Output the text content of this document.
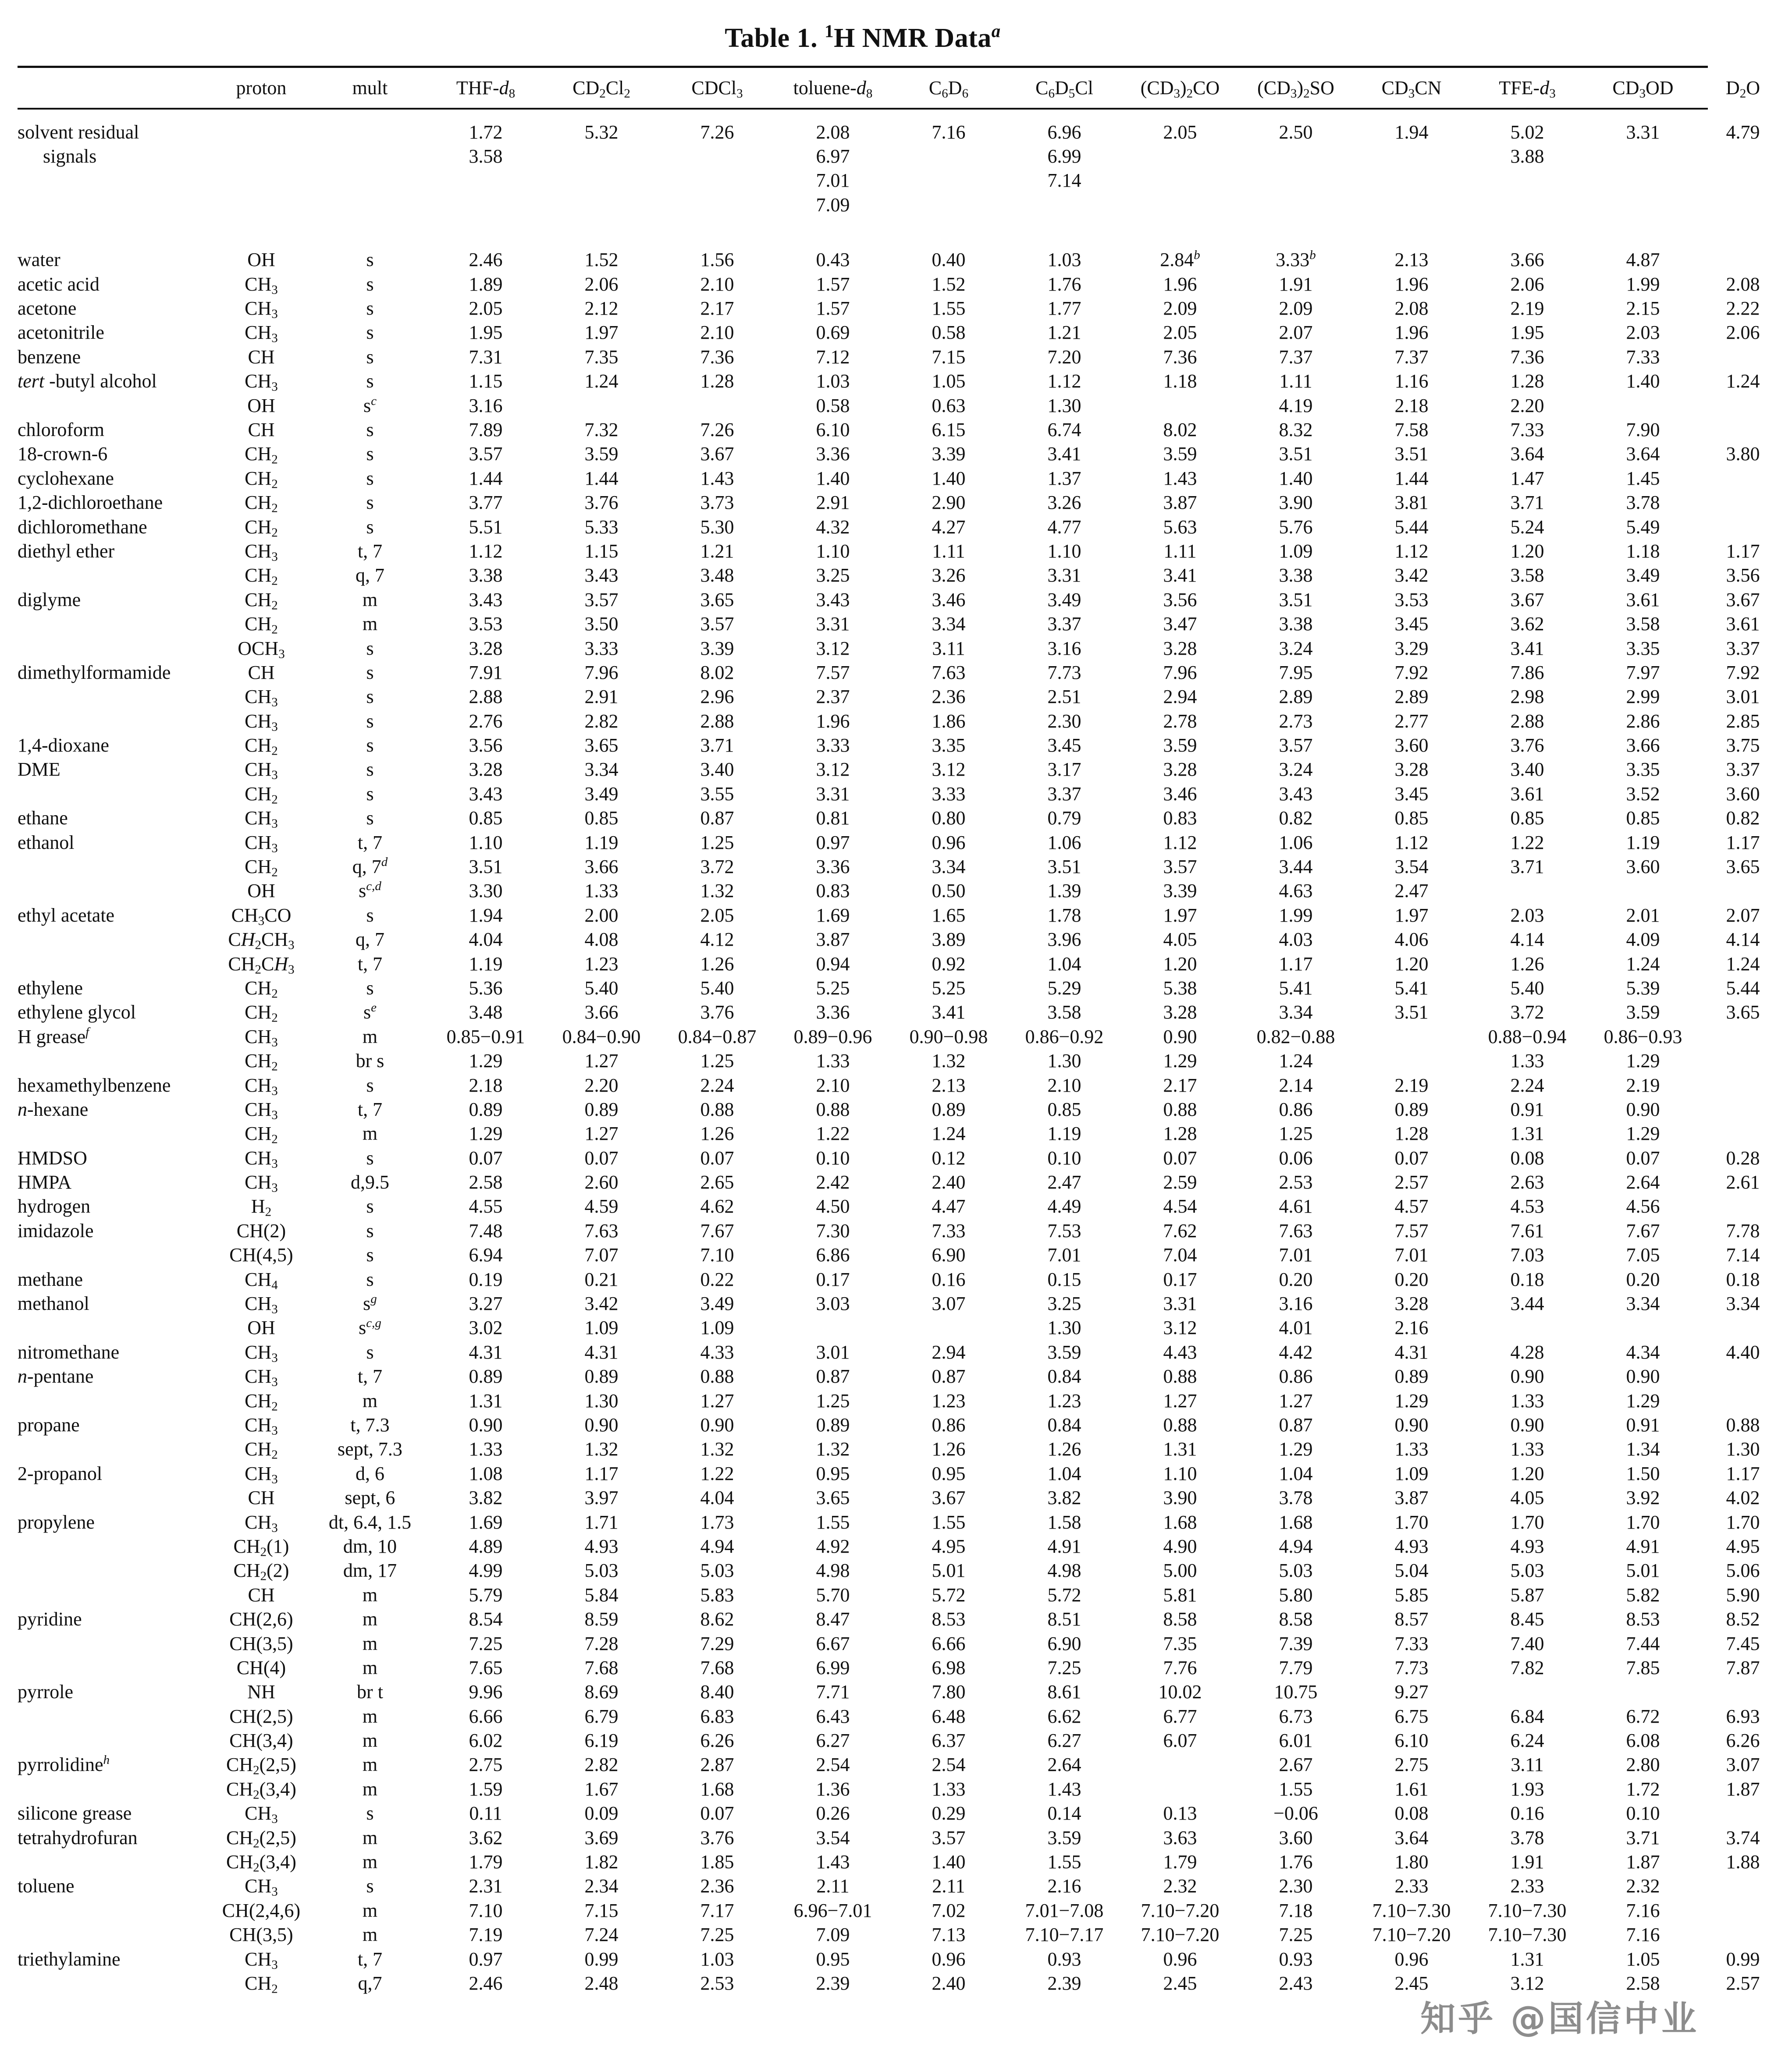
Table 1. $^1$H NMR Data$^a$
	proton	mult	THF-$d_8$	$CD_2Cl_2$	CDCl$_3$	toluene-$d_8$	$C_6D_6$	$C_6D_5Cl$	$(CD_3)_2CO$	$(CD_3)_2SO$	$CD_3CN$	TFE-$d_3$	$CD_3OD$	$D_2O$
solvent residual			1.72	5.32	7.26	2.08	7.16	6.96	2.05	2.50	1.94	5.02	3.31	4.79
signals			3.58			6.97		6.99				3.88		
						7.01		7.14						
						7.09								

water	OH	s	2.46	1.52	1.56	0.43	0.40	1.03	2.84$^b$	3.33$^b$	2.13	3.66	4.87	
acetic acid	$CH_3$	s	1.89	2.06	2.10	1.57	1.52	1.76	1.96	1.91	1.96	2.06	1.99	2.08
acetone	$CH_3$	s	2.05	2.12	2.17	1.57	1.55	1.77	2.09	2.09	2.08	2.19	2.15	2.22
acetonitrile	$CH_3$	s	1.95	1.97	2.10	0.69	0.58	1.21	2.05	2.07	1.96	1.95	2.03	2.06
benzene	CH	s	7.31	7.35	7.36	7.12	7.15	7.20	7.36	7.37	7.37	7.36	7.33	
tert -butyl alcohol	$CH_3$	s	1.15	1.24	1.28	1.03	1.05	1.12	1.18	1.11	1.16	1.28	1.40	1.24
	OH	$s^c$	3.16			0.58	0.63	1.30		4.19	2.18	2.20		
chloroform	CH	s	7.89	7.32	7.26	6.10	6.15	6.74	8.02	8.32	7.58	7.33	7.90	
18-crown-6	$CH_2$	s	3.57	3.59	3.67	3.36	3.39	3.41	3.59	3.51	3.51	3.64	3.64	3.80
cyclohexane	$CH_2$	s	1.44	1.44	1.43	1.40	1.40	1.37	1.43	1.40	1.44	1.47	1.45	
1,2-dichloroethane	$CH_2$	s	3.77	3.76	3.73	2.91	2.90	3.26	3.87	3.90	3.81	3.71	3.78	
dichloromethane	$CH_2$	s	5.51	5.33	5.30	4.32	4.27	4.77	5.63	5.76	5.44	5.24	5.49	
diethyl ether	$CH_3$	t, 7	1.12	1.15	1.21	1.10	1.11	1.10	1.11	1.09	1.12	1.20	1.18	1.17
	$CH_2$	q, 7	3.38	3.43	3.48	3.25	3.26	3.31	3.41	3.38	3.42	3.58	3.49	3.56
diglyme	$CH_2$	m	3.43	3.57	3.65	3.43	3.46	3.49	3.56	3.51	3.53	3.67	3.61	3.67
	$CH_2$	m	3.53	3.50	3.57	3.31	3.34	3.37	3.47	3.38	3.45	3.62	3.58	3.61
	$OCH_3$	s	3.28	3.33	3.39	3.12	3.11	3.16	3.28	3.24	3.29	3.41	3.35	3.37
dimethylformamide	CH	s	7.91	7.96	8.02	7.57	7.63	7.73	7.96	7.95	7.92	7.86	7.97	7.92
	$CH_3$	s	2.88	2.91	2.96	2.37	2.36	2.51	2.94	2.89	2.89	2.98	2.99	3.01
	$CH_3$	s	2.76	2.82	2.88	1.96	1.86	2.30	2.78	2.73	2.77	2.88	2.86	2.85
1,4-dioxane	$CH_2$	s	3.56	3.65	3.71	3.33	3.35	3.45	3.59	3.57	3.60	3.76	3.66	3.75
DME	$CH_3$	s	3.28	3.34	3.40	3.12	3.12	3.17	3.28	3.24	3.28	3.40	3.35	3.37
	$CH_2$	s	3.43	3.49	3.55	3.31	3.33	3.37	3.46	3.43	3.45	3.61	3.52	3.60
ethane	$CH_3$	s	0.85	0.85	0.87	0.81	0.80	0.79	0.83	0.82	0.85	0.85	0.85	0.82
ethanol	$CH_3$	t, 7	1.10	1.19	1.25	0.97	0.96	1.06	1.12	1.06	1.12	1.22	1.19	1.17
	$CH_2$	q, 7$^d$	3.51	3.66	3.72	3.36	3.34	3.51	3.57	3.44	3.54	3.71	3.60	3.65
	OH	$s^{c,d}$	3.30	1.33	1.32	0.83	0.50	1.39	3.39	4.63	2.47			
ethyl acetate	$CH_3CO$	s	1.94	2.00	2.05	1.69	1.65	1.78	1.97	1.99	1.97	2.03	2.01	2.07
	$CH_2CH_3$	q, 7	4.04	4.08	4.12	3.87	3.89	3.96	4.05	4.03	4.06	4.14	4.09	4.14
	$CH_2CH_3$	t, 7	1.19	1.23	1.26	0.94	0.92	1.04	1.20	1.17	1.20	1.26	1.24	1.24
ethylene	$CH_2$	s	5.36	5.40	5.40	5.25	5.25	5.29	5.38	5.41	5.41	5.40	5.39	5.44
ethylene glycol	$CH_2$	$s^e$	3.48	3.66	3.76	3.36	3.41	3.58	3.28	3.34	3.51	3.72	3.59	3.65
H grease$^f$	$CH_3$	m	0.85−0.91	0.84−0.90	0.84−0.87	0.89−0.96	0.90−0.98	0.86−0.92	0.90	0.82−0.88		0.88−0.94	0.86−0.93	
	$CH_2$	br s	1.29	1.27	1.25	1.33	1.32	1.30	1.29	1.24		1.33	1.29	
hexamethylbenzene	$CH_3$	s	2.18	2.20	2.24	2.10	2.13	2.10	2.17	2.14	2.19	2.24	2.19	
n-hexane	$CH_3$	t, 7	0.89	0.89	0.88	0.88	0.89	0.85	0.88	0.86	0.89	0.91	0.90	
	$CH_2$	m	1.29	1.27	1.26	1.22	1.24	1.19	1.28	1.25	1.28	1.31	1.29	
HMDSO	$CH_3$	s	0.07	0.07	0.07	0.10	0.12	0.10	0.07	0.06	0.07	0.08	0.07	0.28
HMPA	$CH_3$	d,9.5	2.58	2.60	2.65	2.42	2.40	2.47	2.59	2.53	2.57	2.63	2.64	2.61
hydrogen	$H_2$	s	4.55	4.59	4.62	4.50	4.47	4.49	4.54	4.61	4.57	4.53	4.56	
imidazole	CH(2)	s	7.48	7.63	7.67	7.30	7.33	7.53	7.62	7.63	7.57	7.61	7.67	7.78
	CH(4,5)	s	6.94	7.07	7.10	6.86	6.90	7.01	7.04	7.01	7.01	7.03	7.05	7.14
methane	$CH_4$	s	0.19	0.21	0.22	0.17	0.16	0.15	0.17	0.20	0.20	0.18	0.20	0.18
methanol	$CH_3$	$s^g$	3.27	3.42	3.49	3.03	3.07	3.25	3.31	3.16	3.28	3.44	3.34	3.34
	OH	$s^{c,g}$	3.02	1.09	1.09			1.30	3.12	4.01	2.16			
nitromethane	$CH_3$	s	4.31	4.31	4.33	3.01	2.94	3.59	4.43	4.42	4.31	4.28	4.34	4.40
n-pentane	$CH_3$	t, 7	0.89	0.89	0.88	0.87	0.87	0.84	0.88	0.86	0.89	0.90	0.90	
	$CH_2$	m	1.31	1.30	1.27	1.25	1.23	1.23	1.27	1.27	1.29	1.33	1.29	
propane	$CH_3$	t, 7.3	0.90	0.90	0.90	0.89	0.86	0.84	0.88	0.87	0.90	0.90	0.91	0.88
	$CH_2$	sept, 7.3	1.33	1.32	1.32	1.32	1.26	1.26	1.31	1.29	1.33	1.33	1.34	1.30
2-propanol	$CH_3$	d, 6	1.08	1.17	1.22	0.95	0.95	1.04	1.10	1.04	1.09	1.20	1.50	1.17
	CH	sept, 6	3.82	3.97	4.04	3.65	3.67	3.82	3.90	3.78	3.87	4.05	3.92	4.02
propylene	$CH_3$	dt, 6.4, 1.5	1.69	1.71	1.73	1.55	1.55	1.58	1.68	1.68	1.70	1.70	1.70	1.70
	$CH_2(1)$	dm, 10	4.89	4.93	4.94	4.92	4.95	4.91	4.90	4.94	4.93	4.93	4.91	4.95
	$CH_2(2)$	dm, 17	4.99	5.03	5.03	4.98	5.01	4.98	5.00	5.03	5.04	5.03	5.01	5.06
	CH	m	5.79	5.84	5.83	5.70	5.72	5.72	5.81	5.80	5.85	5.87	5.82	5.90
pyridine	CH(2,6)	m	8.54	8.59	8.62	8.47	8.53	8.51	8.58	8.58	8.57	8.45	8.53	8.52
	CH(3,5)	m	7.25	7.28	7.29	6.67	6.66	6.90	7.35	7.39	7.33	7.40	7.44	7.45
	CH(4)	m	7.65	7.68	7.68	6.99	6.98	7.25	7.76	7.79	7.73	7.82	7.85	7.87
pyrrole	NH	br t	9.96	8.69	8.40	7.71	7.80	8.61	10.02	10.75	9.27			
	CH(2,5)	m	6.66	6.79	6.83	6.43	6.48	6.62	6.77	6.73	6.75	6.84	6.72	6.93
	CH(3,4)	m	6.02	6.19	6.26	6.27	6.37	6.27	6.07	6.01	6.10	6.24	6.08	6.26
pyrrolidine$^h$	$CH_2(2,5)$	m	2.75	2.82	2.87	2.54	2.54	2.64		2.67	2.75	3.11	2.80	3.07
	$CH_2(3,4)$	m	1.59	1.67	1.68	1.36	1.33	1.43		1.55	1.61	1.93	1.72	1.87
silicone grease	$CH_3$	s	0.11	0.09	0.07	0.26	0.29	0.14	0.13	−0.06	0.08	0.16	0.10	
tetrahydrofuran	$CH_2(2,5)$	m	3.62	3.69	3.76	3.54	3.57	3.59	3.63	3.60	3.64	3.78	3.71	3.74
	$CH_2(3,4)$	m	1.79	1.82	1.85	1.43	1.40	1.55	1.79	1.76	1.80	1.91	1.87	1.88
toluene	$CH_3$	s	2.31	2.34	2.36	2.11	2.11	2.16	2.32	2.30	2.33	2.33	2.32	
	CH(2,4,6)	m	7.10	7.15	7.17	6.96−7.01	7.02	7.01−7.08	7.10−7.20	7.18	7.10−7.30	7.10−7.30	7.16	
	CH(3,5)	m	7.19	7.24	7.25	7.09	7.13	7.10−7.17	7.10−7.20	7.25	7.10−7.20	7.10−7.30	7.16	
triethylamine	$CH_3$	t, 7	0.97	0.99	1.03	0.95	0.96	0.93	0.96	0.93	0.96	1.31	1.05	0.99
	$CH_2$	q,7	2.46	2.48	2.53	2.39	2.40	2.39	2.45	2.43	2.45	3.12	2.58	2.57
知乎 @国信中业
